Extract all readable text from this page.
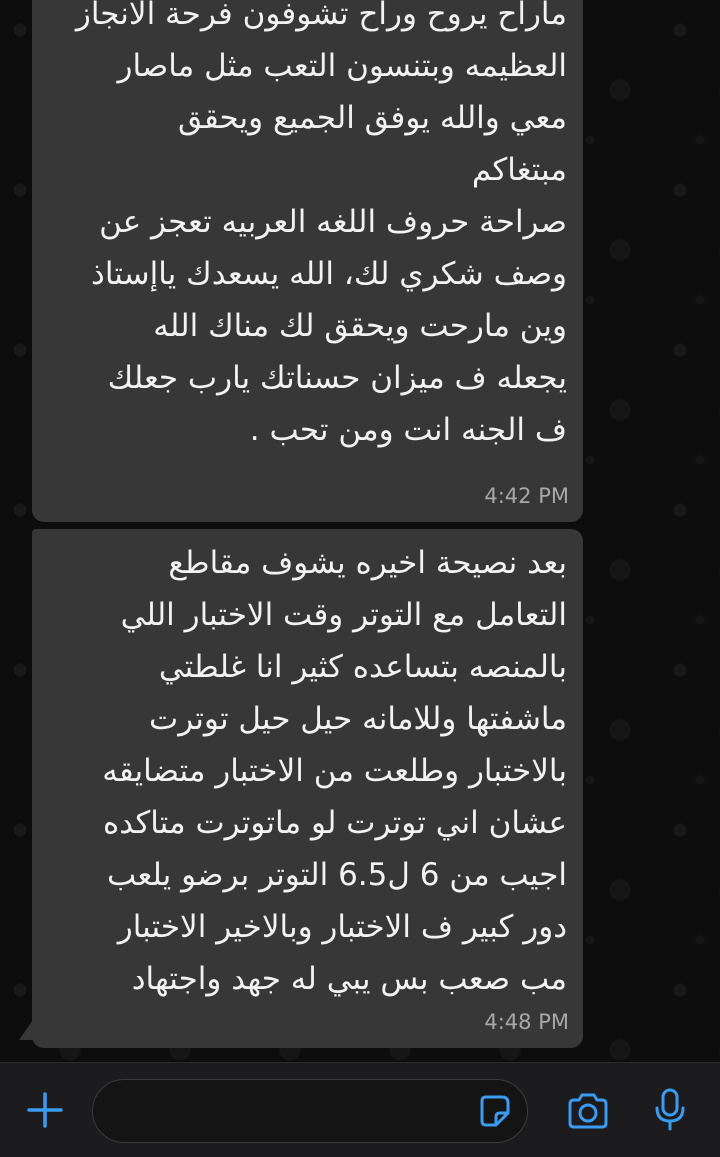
ماراح يروح وراح تشوفون فرحة الانجاز
العظيمه وبتنسون التعب مثل ماصار
معي والله يوفق الجميع ويحقق
مبتغاكم
صراحة حروف اللغه العربيه تعجز عن
وصف شكري لك، الله يسعدك ياإستاذ
وين مارحت ويحقق لك مناك الله
يجعله ف ميزان حسناتك يارب جعلك
ف الجنه انت ومن تحب .

4:42 PM

بعد نصيحة اخيره يشوف مقاطع
التعامل مع التوتر وقت الاختبار اللي
بالمنصه بتساعده كثير انا غلطتي
ماشفتها وللامانه حيل حيل توترت
بالاختبار وطلعت من الاختبار متضايقه
عشان اني توترت لو ماتوترت متاكده
اجيب من 6 ل6.5 التوتر برضو يلعب
دور كبير ف الاختبار وبالاخير الاختبار
مب صعب بس يبي له جهد واجتهاد

4:48 PM
